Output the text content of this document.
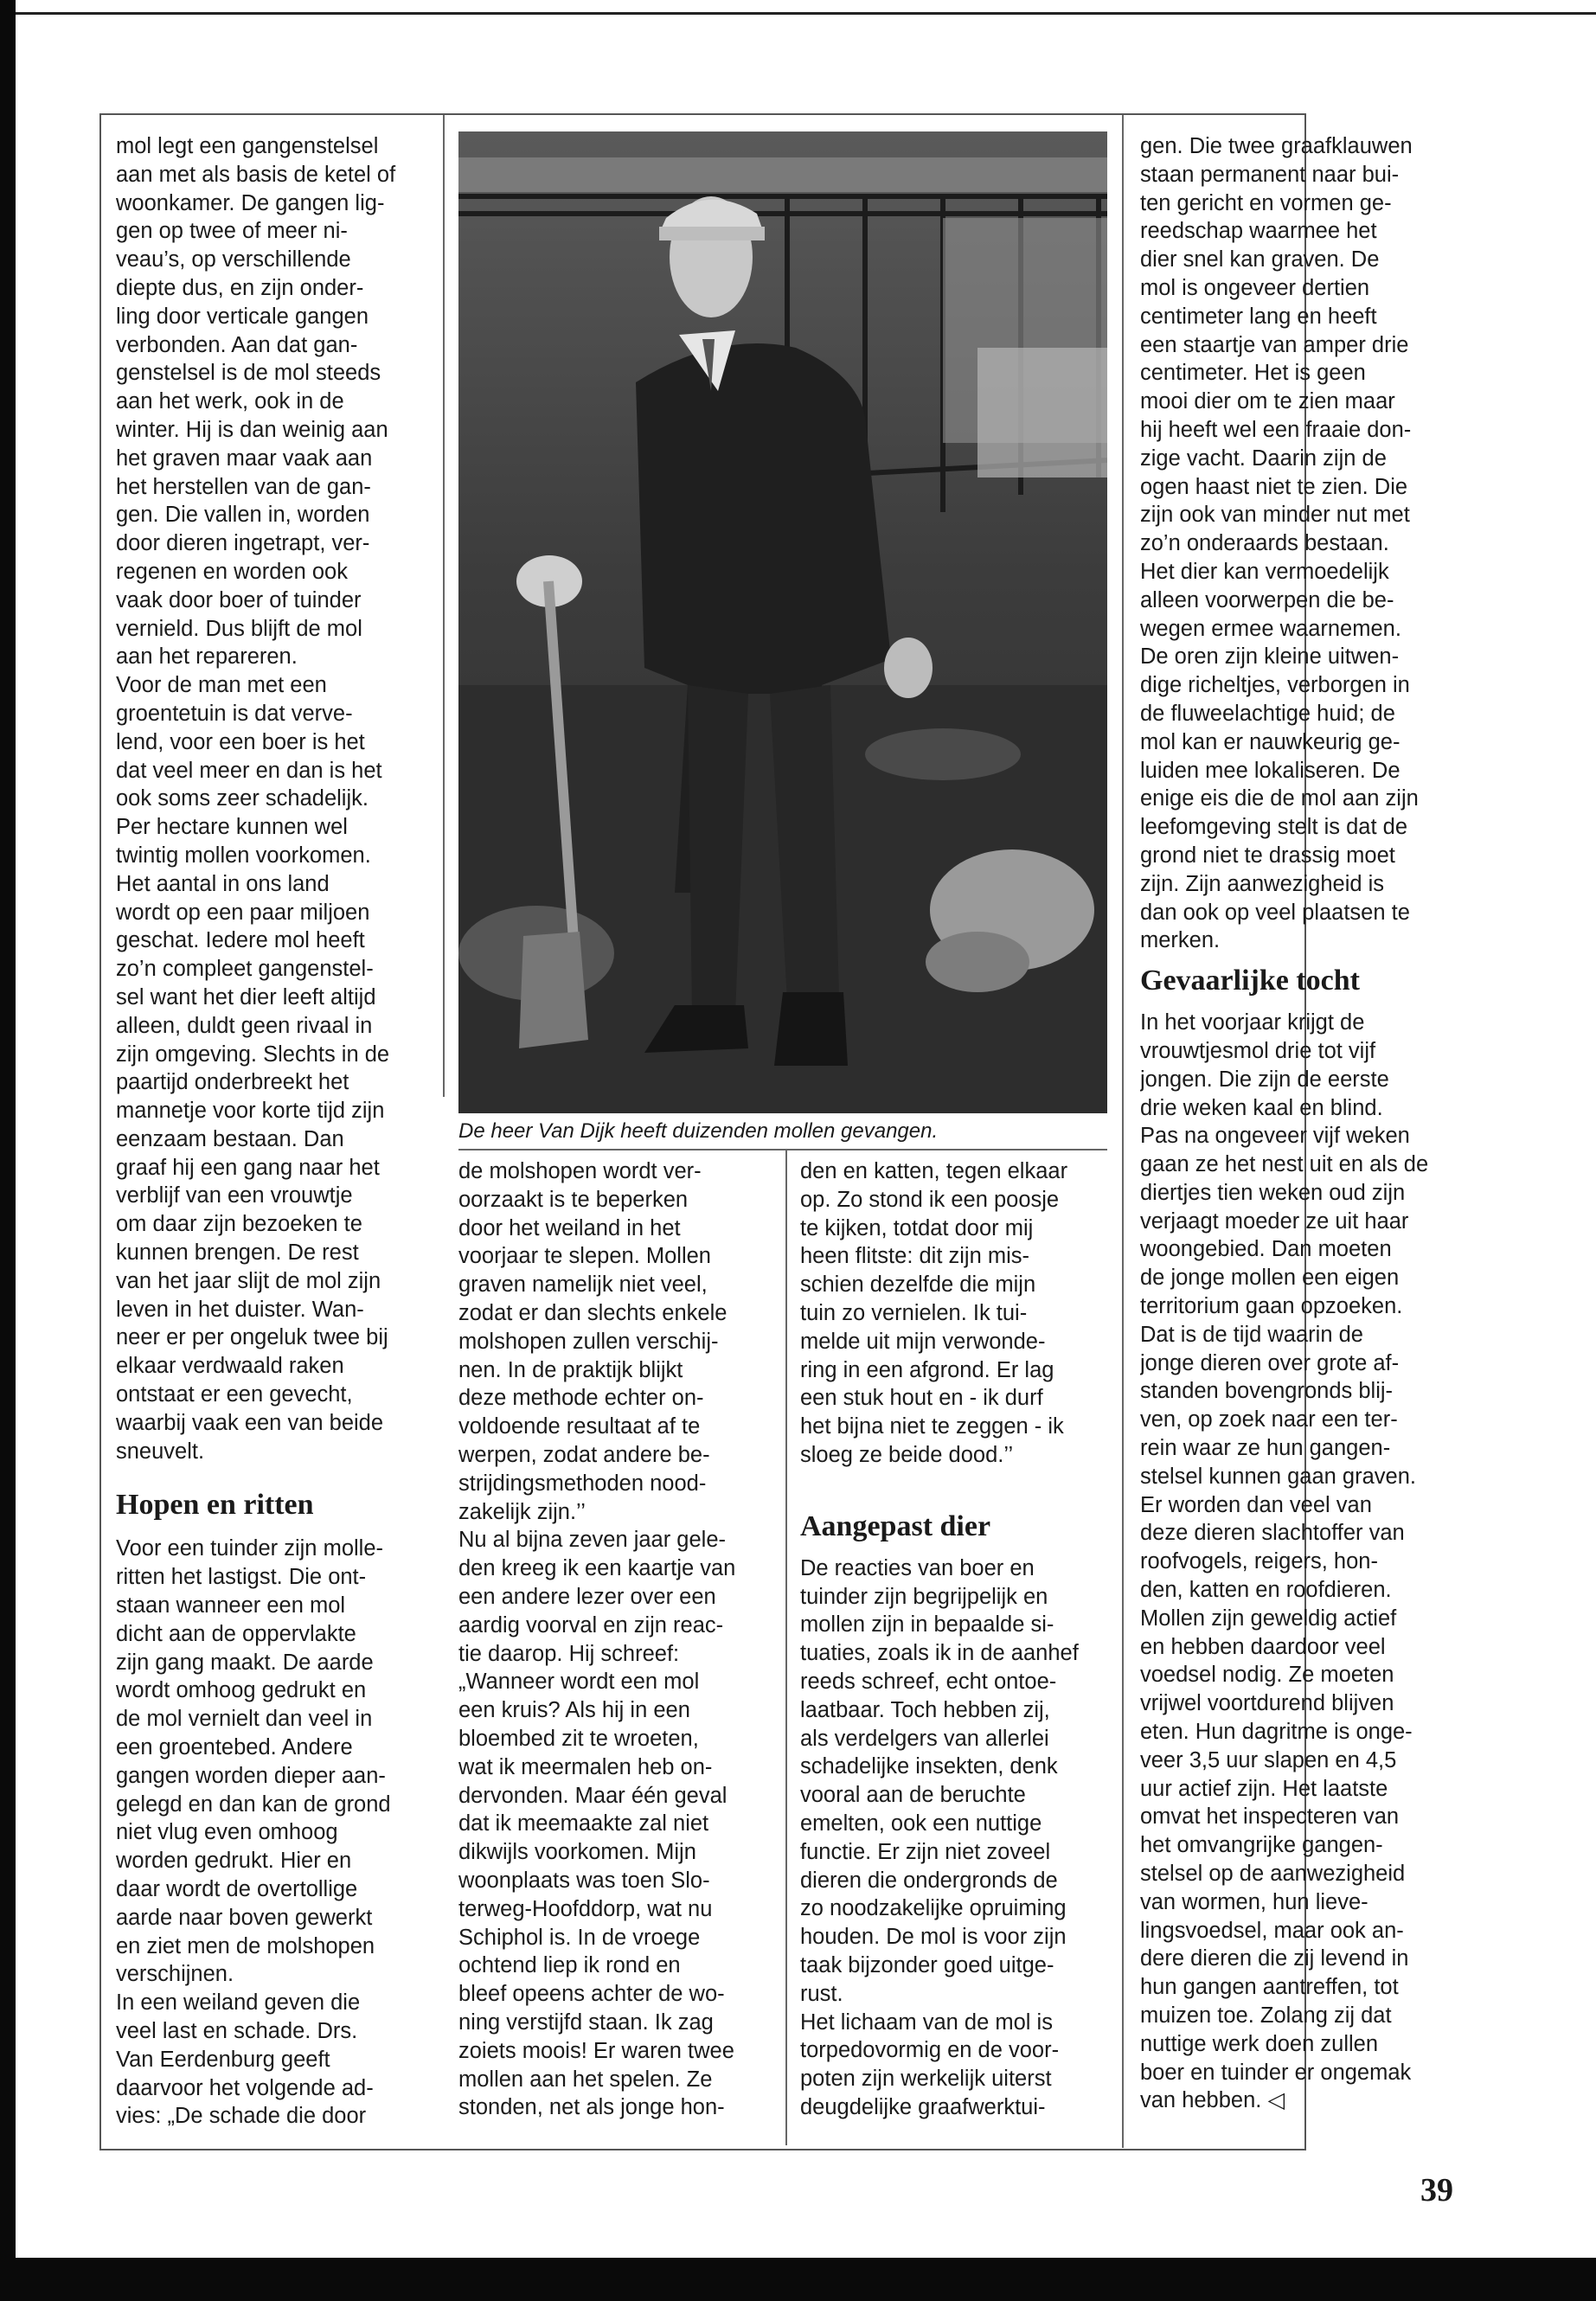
mol legt een gangenstelsel

aan met als basis de ketel of

woonkamer. De gangen lig-

gen op twee of meer ni-

veau’s, op verschillende

diepte dus, en zijn onder-

ling door verticale gangen

verbonden. Aan dat gan-

genstelsel is de mol steeds

aan het werk, ook in de

winter. Hij is dan weinig aan

het graven maar vaak aan

het herstellen van de gan-

gen. Die vallen in, worden

door dieren ingetrapt, ver-

regenen en worden ook

vaak door boer of tuinder

vernield. Dus blijft de mol

aan het repareren.

Voor de man met een

groentetuin is dat verve-

lend, voor een boer is het

dat veel meer en dan is het

ook soms zeer schadelijk.

Per hectare kunnen wel

twintig mollen voorkomen.

Het aantal in ons land

wordt op een paar miljoen

geschat. Iedere mol heeft

zo’n compleet gangenstel-

sel want het dier leeft altijd

alleen, duldt geen rivaal in

zijn omgeving. Slechts in de

paartijd onderbreekt het

mannetje voor korte tijd zijn

eenzaam bestaan. Dan

graaf hij een gang naar het

verblijf van een vrouwtje

om daar zijn bezoeken te

kunnen brengen. De rest

van het jaar slijt de mol zijn

leven in het duister. Wan-

neer er per ongeluk twee bij

elkaar verdwaald raken

ontstaat er een gevecht,

waarbij vaak een van beide

sneuvelt.

Hopen en ritten

Voor een tuinder zijn molle-

ritten het lastigst. Die ont-

staan wanneer een mol

dicht aan de oppervlakte

zijn gang maakt. De aarde

wordt omhoog gedrukt en

de mol vernielt dan veel in

een groentebed. Andere

gangen worden dieper aan-

gelegd en dan kan de grond

niet vlug even omhoog

worden gedrukt. Hier en

daar wordt de overtollige

aarde naar boven gewerkt

en ziet men de molshopen

verschijnen.

In een weiland geven die

veel last en schade. Drs.

Van Eerdenburg geeft

daarvoor het volgende ad-

vies: „De schade die door

De heer Van Dijk heeft duizenden mollen gevangen.

de molshopen wordt ver-

oorzaakt is te beperken

door het weiland in het

voorjaar te slepen. Mollen

graven namelijk niet veel,

zodat er dan slechts enkele

molshopen zullen verschij-

nen. In de praktijk blijkt

deze methode echter on-

voldoende resultaat af te

werpen, zodat andere be-

strijdingsmethoden nood-

zakelijk zijn.’’

Nu al bijna zeven jaar gele-

den kreeg ik een kaartje van

een andere lezer over een

aardig voorval en zijn reac-

tie daarop. Hij schreef:

„Wanneer wordt een mol

een kruis? Als hij in een

bloembed zit te wroeten,

wat ik meermalen heb on-

dervonden. Maar één geval

dat ik meemaakte zal niet

dikwijls voorkomen. Mijn

woonplaats was toen Slo-

terweg-Hoofddorp, wat nu

Schiphol is. In de vroege

ochtend liep ik rond en

bleef opeens achter de wo-

ning verstijfd staan. Ik zag

zoiets moois! Er waren twee

mollen aan het spelen. Ze

stonden, net als jonge hon-

den en katten, tegen elkaar

op. Zo stond ik een poosje

te kijken, totdat door mij

heen flitste: dit zijn mis-

schien dezelfde die mijn

tuin zo vernielen. Ik tui-

melde uit mijn verwonde-

ring in een afgrond. Er lag

een stuk hout en - ik durf

het bijna niet te zeggen - ik

sloeg ze beide dood.’’

Aangepast dier

De reacties van boer en

tuinder zijn begrijpelijk en

mollen zijn in bepaalde si-

tuaties, zoals ik in de aanhef

reeds schreef, echt ontoe-

laatbaar. Toch hebben zij,

als verdelgers van allerlei

schadelijke insekten, denk

vooral aan de beruchte

emelten, ook een nuttige

functie. Er zijn niet zoveel

dieren die ondergronds de

zo noodzakelijke opruiming

houden. De mol is voor zijn

taak bijzonder goed uitge-

rust.

Het lichaam van de mol is

torpedovormig en de voor-

poten zijn werkelijk uiterst

deugdelijke graafwerktui-

gen. Die twee graafklauwen

staan permanent naar bui-

ten gericht en vormen ge-

reedschap waarmee het

dier snel kan graven. De

mol is ongeveer dertien

centimeter lang en heeft

een staartje van amper drie

centimeter. Het is geen

mooi dier om te zien maar

hij heeft wel een fraaie don-

zige vacht. Daarin zijn de

ogen haast niet te zien. Die

zijn ook van minder nut met

zo’n onderaards bestaan.

Het dier kan vermoedelijk

alleen voorwerpen die be-

wegen ermee waarnemen.

De oren zijn kleine uitwen-

dige richeltjes, verborgen in

de fluweelachtige huid; de

mol kan er nauwkeurig ge-

luiden mee lokaliseren. De

enige eis die de mol aan zijn

leefomgeving stelt is dat de

grond niet te drassig moet

zijn. Zijn aanwezigheid is

dan ook op veel plaatsen te

merken.

Gevaarlijke tocht

In het voorjaar krijgt de

vrouwtjesmol drie tot vijf

jongen. Die zijn de eerste

drie weken kaal en blind.

Pas na ongeveer vijf weken

gaan ze het nest uit en als de

diertjes tien weken oud zijn

verjaagt moeder ze uit haar

woongebied. Dan moeten

de jonge mollen een eigen

territorium gaan opzoeken.

Dat is de tijd waarin de

jonge dieren over grote af-

standen bovengronds blij-

ven, op zoek naar een ter-

rein waar ze hun gangen-

stelsel kunnen gaan graven.

Er worden dan veel van

deze dieren slachtoffer van

roofvogels, reigers, hon-

den, katten en roofdieren.

Mollen zijn geweldig actief

en hebben daardoor veel

voedsel nodig. Ze moeten

vrijwel voortdurend blijven

eten. Hun dagritme is onge-

veer 3,5 uur slapen en 4,5

uur actief zijn. Het laatste

omvat het inspecteren van

het omvangrijke gangen-

stelsel op de aanwezigheid

van wormen, hun lieve-

lingsvoedsel, maar ook an-

dere dieren die zij levend in

hun gangen aantreffen, tot

muizen toe. Zolang zij dat

nuttige werk doen zullen

boer en tuinder er ongemak

van hebben. ◁

39
